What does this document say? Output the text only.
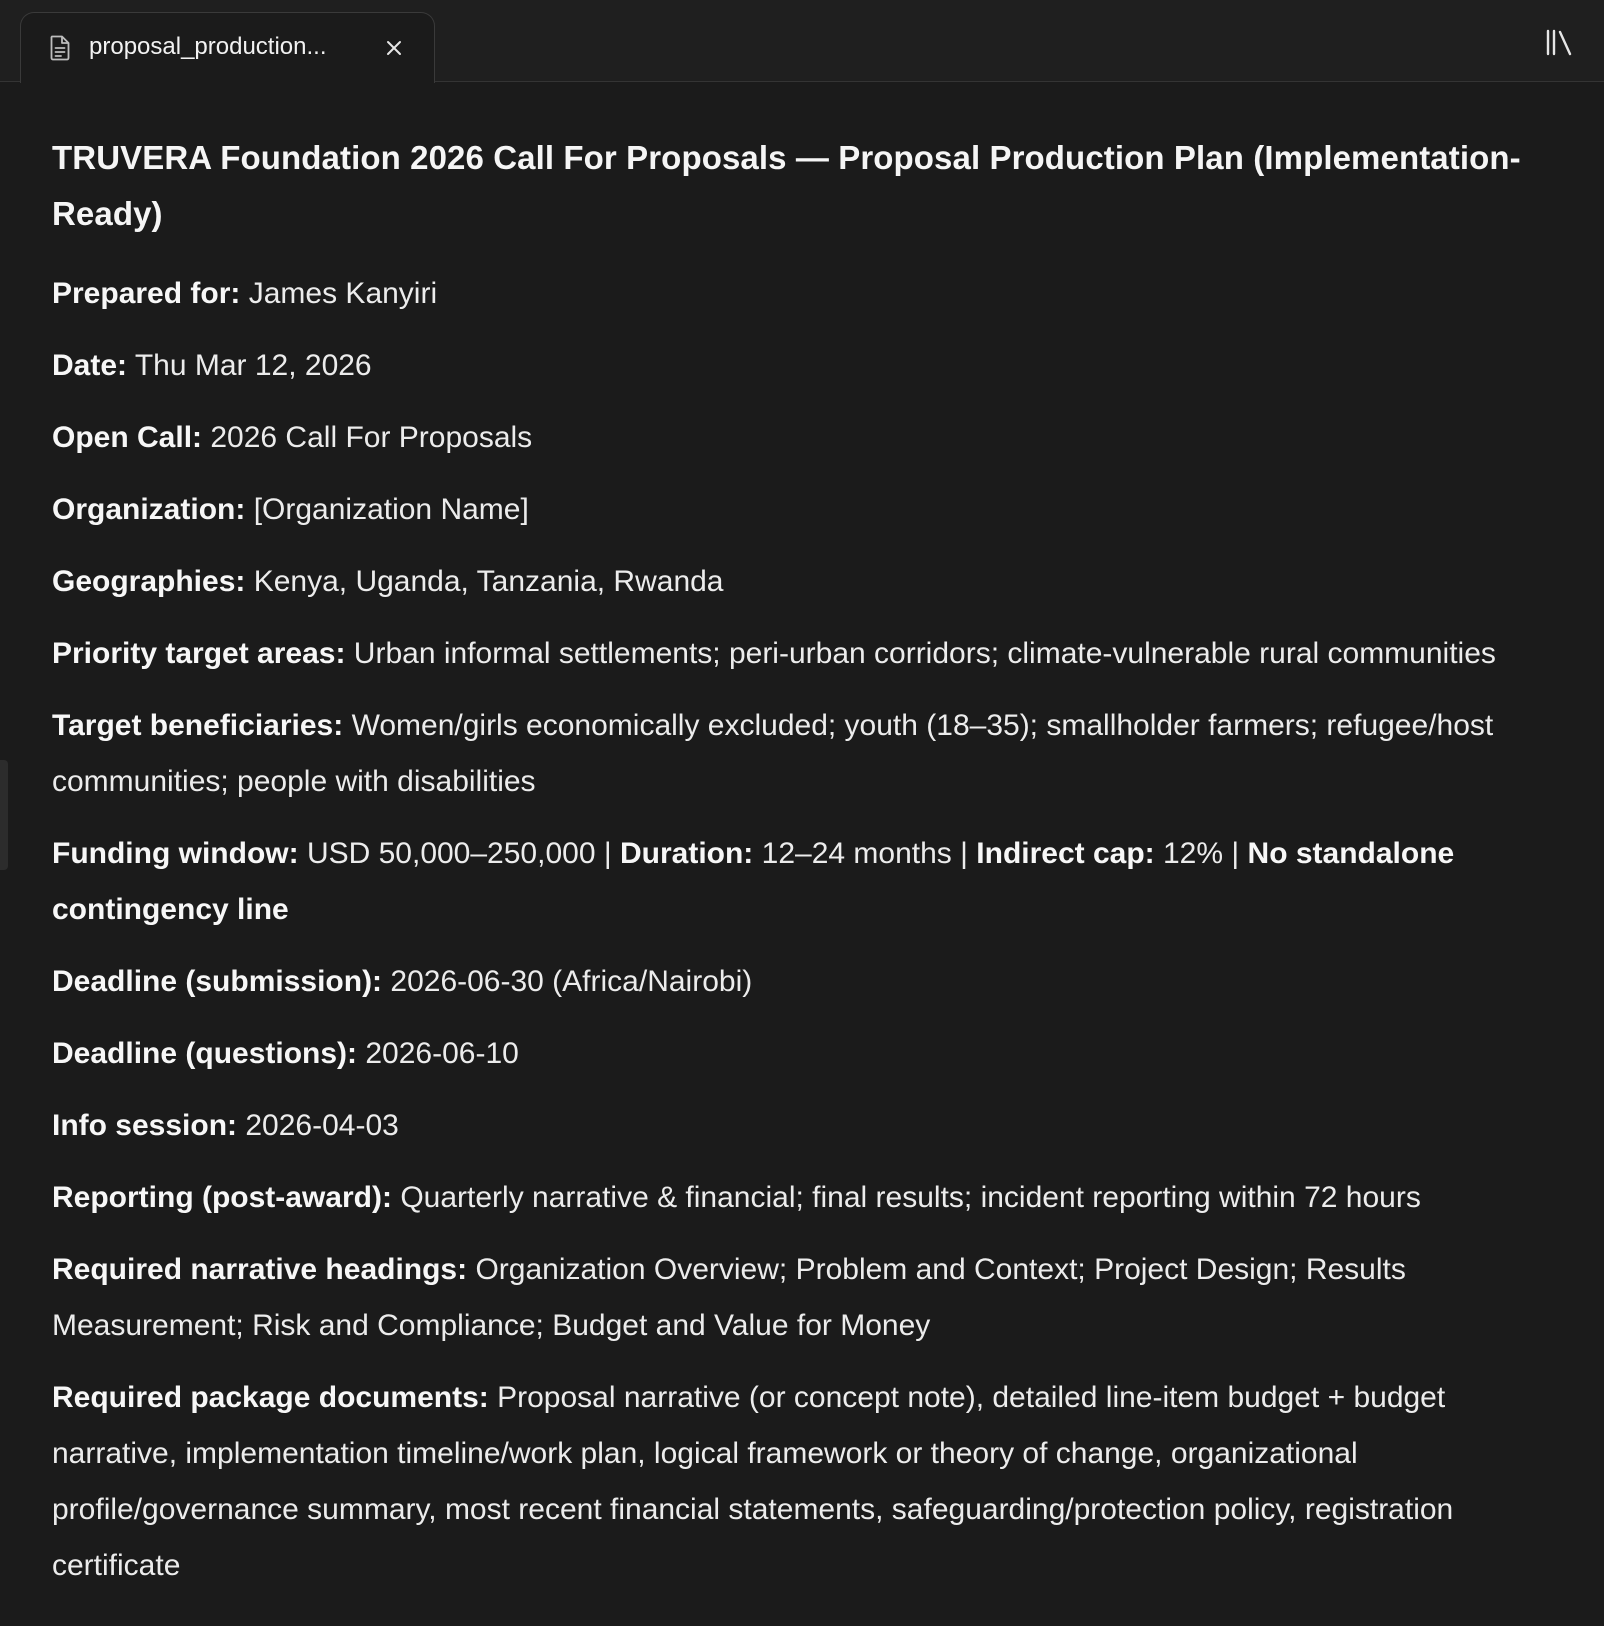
proposal_production...
TRUVERA Foundation 2026 Call For Proposals — Proposal Production Plan (Implementation-Ready)

Prepared for: James Kanyiri

Date: Thu Mar 12, 2026

Open Call: 2026 Call For Proposals

Organization: [Organization Name]

Geographies: Kenya, Uganda, Tanzania, Rwanda

Priority target areas: Urban informal settlements; peri-urban corridors; climate-vulnerable rural communities

Target beneficiaries: Women/girls economically excluded; youth (18–35); smallholder farmers; refugee/host communities; people with disabilities

Funding window: USD 50,000–250,000 | Duration: 12–24 months | Indirect cap: 12% | No standalone contingency line

Deadline (submission): 2026-06-30 (Africa/Nairobi)

Deadline (questions): 2026-06-10

Info session: 2026-04-03

Reporting (post-award): Quarterly narrative & financial; final results; incident reporting within 72 hours

Required narrative headings: Organization Overview; Problem and Context; Project Design; Results Measurement; Risk and Compliance; Budget and Value for Money

Required package documents: Proposal narrative (or concept note), detailed line-item budget + budget narrative, implementation timeline/work plan, logical framework or theory of change, organizational profile/governance summary, most recent financial statements, safeguarding/protection policy, registration certificate
